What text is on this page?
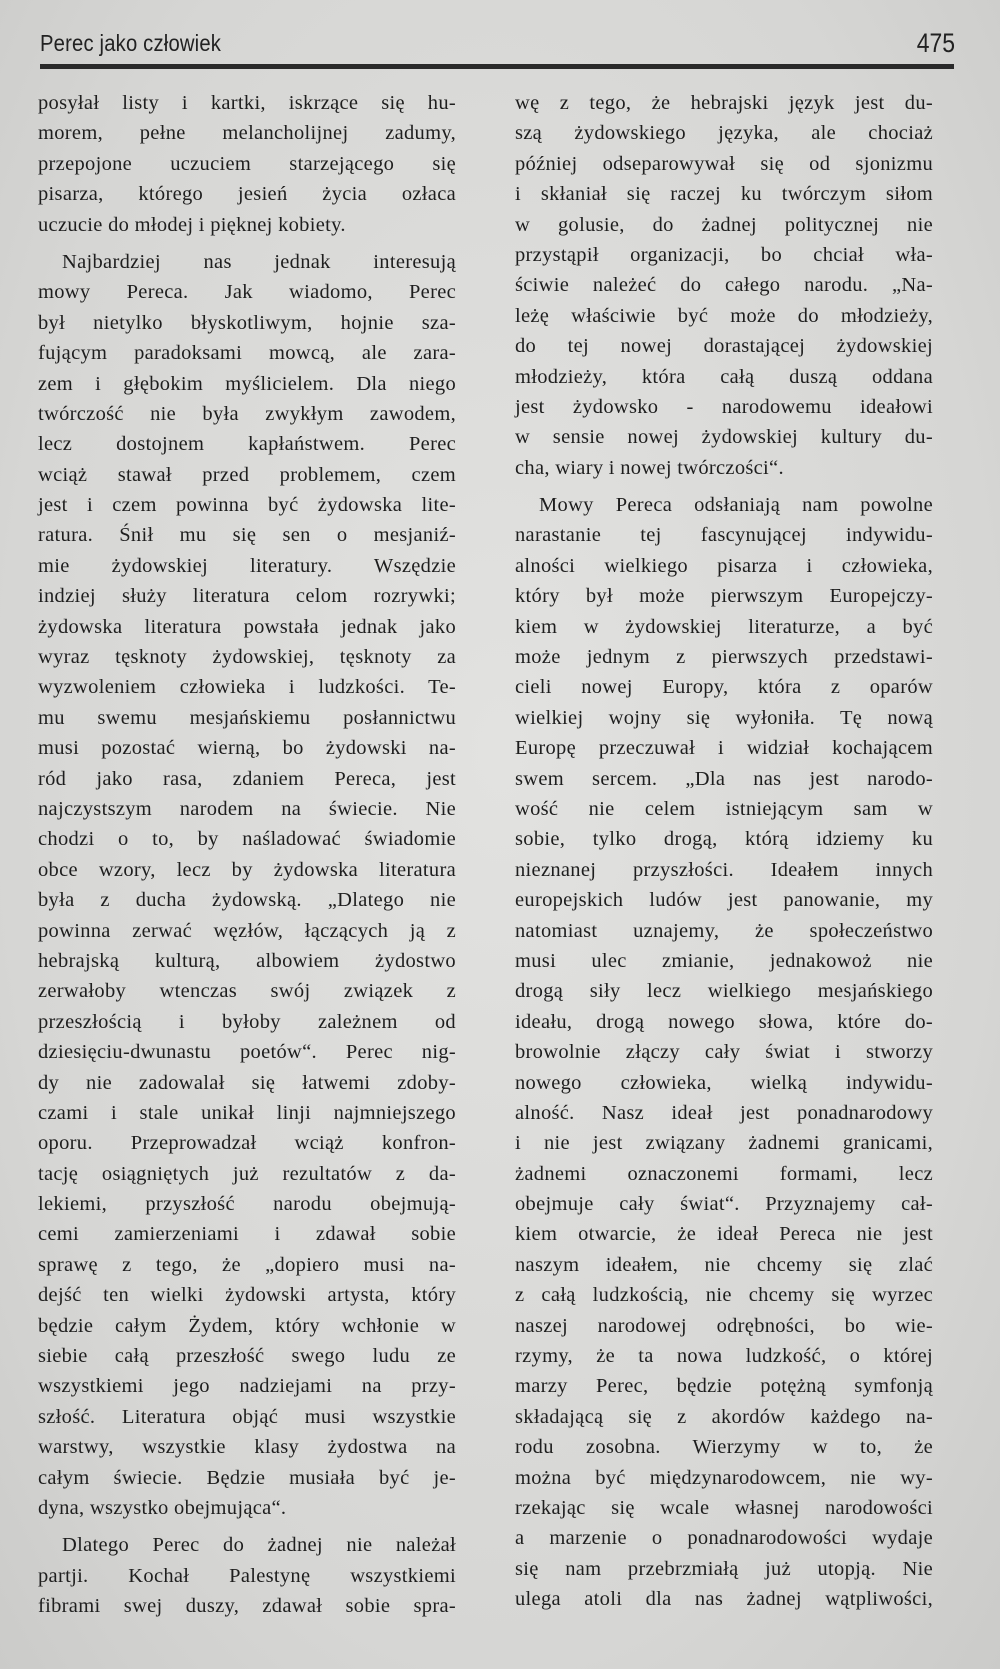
Perec jako człowiek	475
posyłał listy i kartki, iskrzące się hu-
morem, pełne melancholijnej zadumy,
przepojone uczuciem starzejącego się
pisarza, którego jesień życia ozłaca
uczucie do młodej i pięknej kobiety.
Najbardziej nas jednak interesują
mowy Pereca. Jak wiadomo, Perec
był nietylko błyskotliwym, hojnie sza-
fującym paradoksami mowcą, ale zara-
zem i głębokim myślicielem. Dla niego
twórczość nie była zwykłym zawodem,
lecz dostojnem kapłaństwem. Perec
wciąż stawał przed problemem, czem
jest i czem powinna być żydowska lite-
ratura. Śnił mu się sen o mesjaniź-
mie żydowskiej literatury. Wszędzie
indziej służy literatura celom rozrywki;
żydowska literatura powstała jednak jako
wyraz tęsknoty żydowskiej, tęsknoty za
wyzwoleniem człowieka i ludzkości. Te-
mu swemu mesjańskiemu posłannictwu
musi pozostać wierną, bo żydowski na-
ród jako rasa, zdaniem Pereca, jest
najczystszym narodem na świecie. Nie
chodzi o to, by naśladować świadomie
obce wzory, lecz by żydowska literatura
była z ducha żydowską. „Dlatego nie
powinna zerwać węzłów, łączących ją z
hebrajską kulturą, albowiem żydostwo
zerwałoby wtenczas swój związek z
przeszłością i byłoby zależnem od
dziesięciu-dwunastu poetów“. Perec nig-
dy nie zadowalał się łatwemi zdoby-
czami i stale unikał linji najmniejszego
oporu. Przeprowadzał wciąż konfron-
tację osiągniętych już rezultatów z da-
lekiemi, przyszłość narodu obejmują-
cemi zamierzeniami i zdawał sobie
sprawę z tego, że „dopiero musi na-
dejść ten wielki żydowski artysta, który
będzie całym Żydem, który wchłonie w
siebie całą przeszłość swego ludu ze
wszystkiemi jego nadziejami na przy-
szłość. Literatura objąć musi wszystkie
warstwy, wszystkie klasy żydostwa na
całym świecie. Będzie musiała być je-
dyna, wszystko obejmująca“.
Dlatego Perec do żadnej nie należał
partji. Kochał Palestynę wszystkiemi
fibrami swej duszy, zdawał sobie spra-
wę z tego, że hebrajski język jest du-
szą żydowskiego języka, ale chociaż
później odseparowywał się od sjonizmu
i skłaniał się raczej ku twórczym siłom
w golusie, do żadnej politycznej nie
przystąpił organizacji, bo chciał wła-
ściwie należeć do całego narodu. „Na-
leżę właściwie być może do młodzieży,
do tej nowej dorastającej żydowskiej
młodzieży, która całą duszą oddana
jest żydowsko - narodowemu ideałowi
w sensie nowej żydowskiej kultury du-
cha, wiary i nowej twórczości“.
Mowy Pereca odsłaniają nam powolne
narastanie tej fascynującej indywidu-
alności wielkiego pisarza i człowieka,
który był może pierwszym Europejczy-
kiem w żydowskiej literaturze, a być
może jednym z pierwszych przedstawi-
cieli nowej Europy, która z oparów
wielkiej wojny się wyłoniła. Tę nową
Europę przeczuwał i widział kochającem
swem sercem. „Dla nas jest narodo-
wość nie celem istniejącym sam w
sobie, tylko drogą, którą idziemy ku
nieznanej przyszłości. Ideałem innych
europejskich ludów jest panowanie, my
natomiast uznajemy, że społeczeństwo
musi ulec zmianie, jednakowoż nie
drogą siły lecz wielkiego mesjańskiego
ideału, drogą nowego słowa, które do-
browolnie złączy cały świat i stworzy
nowego człowieka, wielką indywidu-
alność. Nasz ideał jest ponadnarodowy
i nie jest związany żadnemi granicami,
żadnemi oznaczonemi formami, lecz
obejmuje cały świat“. Przyznajemy cał-
kiem otwarcie, że ideał Pereca nie jest
naszym ideałem, nie chcemy się zlać
z całą ludzkością, nie chcemy się wyrzec
naszej narodowej odrębności, bo wie-
rzymy, że ta nowa ludzkość, o której
marzy Perec, będzie potężną symfonją
składającą się z akordów każdego na-
rodu zosobna. Wierzymy w to, że
można być międzynarodowcem, nie wy-
rzekając się wcale własnej narodowości
a marzenie o ponadnarodowości wydaje
się nam przebrzmiałą już utopją. Nie
ulega atoli dla nas żadnej wątpliwości,
